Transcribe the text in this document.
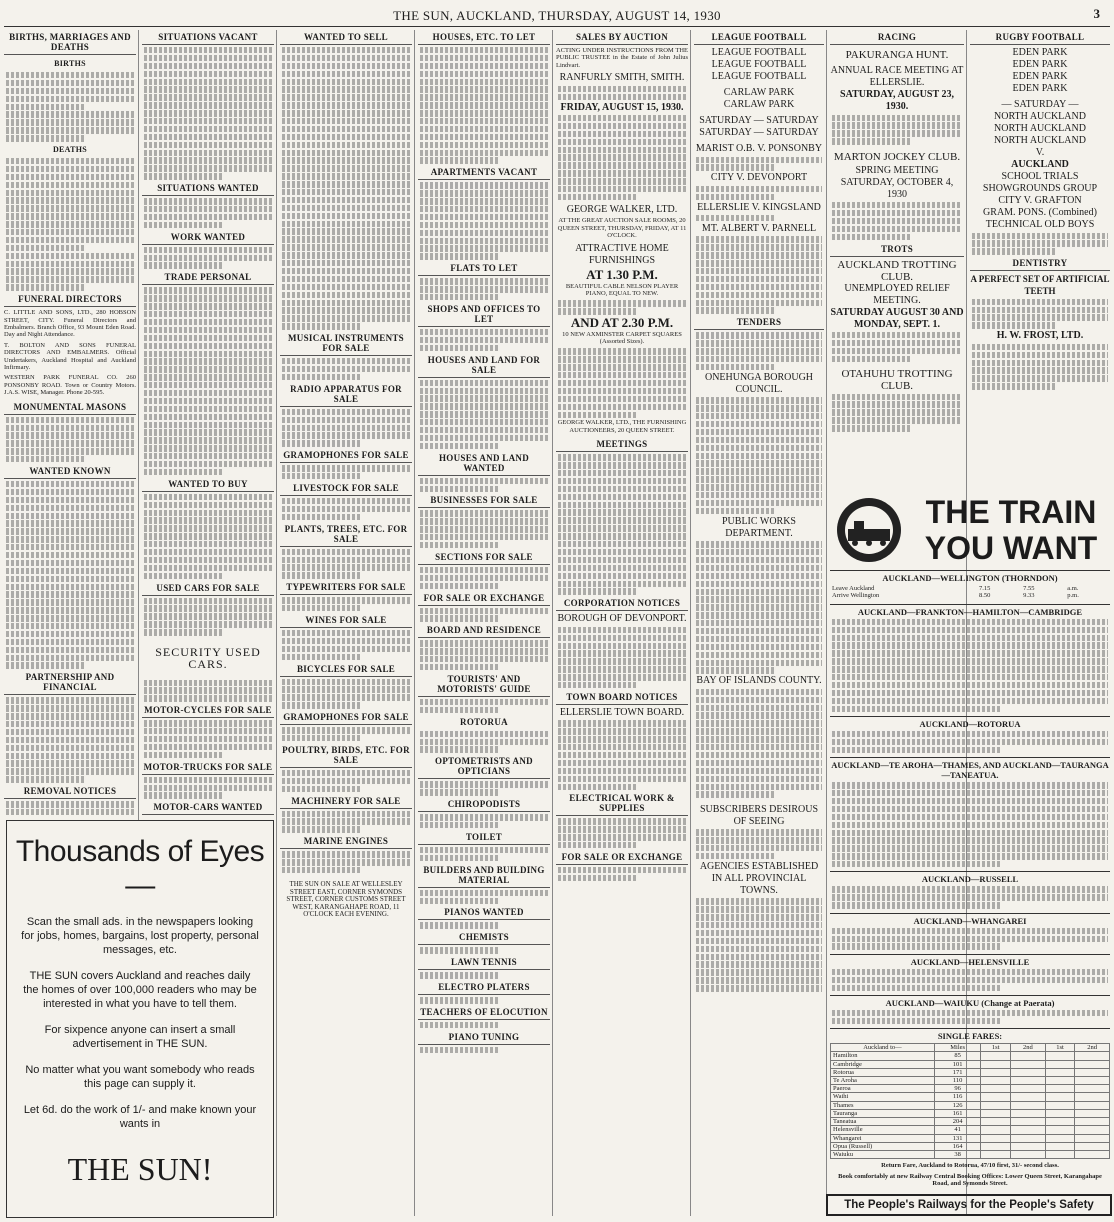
THE SUN, AUCKLAND, THURSDAY, AUGUST 14, 1930	3
BIRTHS, MARRIAGES AND DEATHS
BIRTHS
DEATHS
FUNERAL DIRECTORS
C. LITTLE AND SONS, LTD., 280 HOBSON STREET, CITY. Funeral Directors and Embalmers. Branch Office, 93 Mount Eden Road. Day and Night Attendance.
T. BOLTON AND SONS FUNERAL DIRECTORS AND EMBALMERS. Official Undertakers, Auckland Hospital and Auckland Infirmary.
WESTERN PARK FUNERAL CO. 260 PONSONBY ROAD. Town or Country Motors. J.A.S. WISE, Manager. Phone 20-595.
MONUMENTAL MASONS
WANTED KNOWN
PARTNERSHIP AND FINANCIAL
REMOVAL NOTICES
Thousands of Eyes—

Scan the small ads. in the newspapers looking for jobs, homes, bargains, lost property, personal messages, etc.

THE SUN covers Auckland and reaches daily the homes of over 100,000 readers who may be interested in what you have to tell them.

For sixpence anyone can insert a small advertisement in THE SUN.

No matter what you want somebody who reads this page can supply it.

Let 6d. do the work of 1/- and make known your wants in

THE SUN!
SITUATIONS VACANT
SITUATIONS WANTED
WORK WANTED
TRADE PERSONAL
WANTED TO BUY
USED CARS FOR SALE
SECURITY USED CARS.
MOTOR-CYCLES FOR SALE
MOTOR-TRUCKS FOR SALE
MOTOR-CARS WANTED
WANTED TO SELL
MUSICAL INSTRUMENTS FOR SALE
RADIO APPARATUS FOR SALE
GRAMOPHONES FOR SALE
LIVESTOCK FOR SALE
PLANTS, TREES, ETC. FOR SALE
TYPEWRITERS FOR SALE
WINES FOR SALE
BICYCLES FOR SALE
GRAMOPHONES FOR SALE
POULTRY, BIRDS, ETC. FOR SALE
MACHINERY FOR SALE
MARINE ENGINES
THE SUN ON SALE AT WELLESLEY STREET EAST, CORNER SYMONDS STREET, CORNER CUSTOMS STREET WEST, KARANGAHAPE ROAD, 11 O'CLOCK EACH EVENING.
HOUSES, ETC. TO LET
APARTMENTS VACANT
FLATS TO LET
SHOPS AND OFFICES TO LET
HOUSES AND LAND FOR SALE
HOUSES AND LAND WANTED
BUSINESSES FOR SALE
SECTIONS FOR SALE
FOR SALE OR EXCHANGE
BOARD AND RESIDENCE
TOURISTS' AND MOTORISTS' GUIDE
ROTORUA
OPTOMETRISTS AND OPTICIANS
CHIROPODISTS
TOILET
BUILDERS AND BUILDING MATERIAL
PIANOS WANTED
CHEMISTS
LAWN TENNIS
ELECTRO PLATERS
TEACHERS OF ELOCUTION
PIANO TUNING
SALES BY AUCTION
ACTING UNDER INSTRUCTIONS FROM THE PUBLIC TRUSTEE in the Estate of John Julius Lindvart.
RANFURLY SMITH, SMITH.
FRIDAY, AUGUST 15, 1930.
GEORGE WALKER, LTD.
AT THE GREAT AUCTION SALE ROOMS, 20 QUEEN STREET, THURSDAY, FRIDAY, AT 11 O'CLOCK.
ATTRACTIVE HOME FURNISHINGS
AT 1.30 P.M.
BEAUTIFUL CABLE NELSON PLAYER PIANO, EQUAL TO NEW.
AND AT 2.30 P.M.
10 NEW AXMINSTER CARPET SQUARES (Assorted Sizes).
GEORGE WALKER, LTD., THE FURNISHING AUCTIONEERS, 20 QUEEN STREET.
MEETINGS
CORPORATION NOTICES
BOROUGH OF DEVONPORT.
TOWN BOARD NOTICES
ELLERSLIE TOWN BOARD.
ELECTRICAL WORK & SUPPLIES
FOR SALE OR EXCHANGE
LEAGUE FOOTBALL
LEAGUE FOOTBALL
LEAGUE FOOTBALL
LEAGUE FOOTBALL
CARLAW PARK
CARLAW PARK
SATURDAY — SATURDAY
SATURDAY — SATURDAY
MARIST O.B. V. PONSONBY
CITY V. DEVONPORT
ELLERSLIE V. KINGSLAND
MT. ALBERT V. PARNELL
TENDERS
ONEHUNGA BOROUGH COUNCIL.
PUBLIC WORKS DEPARTMENT.
BAY OF ISLANDS COUNTY.
SUBSCRIBERS DESIROUS OF SEEING
AGENCIES ESTABLISHED IN ALL PROVINCIAL TOWNS.
RACING
PAKURANGA HUNT.
ANNUAL RACE MEETING AT ELLERSLIE.
SATURDAY, AUGUST 23, 1930.
MARTON JOCKEY CLUB.
SPRING MEETING
SATURDAY, OCTOBER 4, 1930
TROTS
AUCKLAND TROTTING CLUB.
UNEMPLOYED RELIEF MEETING.
SATURDAY AUGUST 30 AND MONDAY, SEPT. 1.
OTAHUHU TROTTING CLUB.
RUGBY FOOTBALL
EDEN PARK
EDEN PARK
EDEN PARK
EDEN PARK
— SATURDAY —
NORTH AUCKLAND
NORTH AUCKLAND
NORTH AUCKLAND
V.
AUCKLAND
SCHOOL TRIALS
SHOWGROUNDS GROUP
CITY V. GRAFTON
GRAM. PONS. (Combined)
TECHNICAL OLD BOYS
DENTISTRY
A PERFECT SET OF ARTIFICIAL TEETH
H. W. FROST, LTD.
THE TRAIN
YOU WANT
AUCKLAND—WELLINGTON (THORNDON)
Leave Auckland	7.15	7.55	a.m.
Arrive Wellington	8.50	9.33	p.m.
AUCKLAND—FRANKTON—HAMILTON—CAMBRIDGE
AUCKLAND—ROTORUA
AUCKLAND—TE AROHA—THAMES, AND AUCKLAND—TAURANGA—TANEATUA.
AUCKLAND—RUSSELL
AUCKLAND—WHANGAREI
AUCKLAND—HELENSVILLE
AUCKLAND—WAIUKU (Change at Paerata)
SINGLE FARES:
Auckland to—	Miles	1st	2nd	1st	2nd
Hamilton	85				
Cambridge	101				
Rotorua	171				
Te Aroha	110				
Paeroa	96				
Waihi	116				
Thames	126				
Tauranga	161				
Taneatua	204				
Helensville	41				
Whangarei	131				
Opua (Russell)	164				
Waiuku	38				
Return Fare, Auckland to Rotorua, 47/10 first, 31/- second class.
Book comfortably at new Railway Central Booking Offices: Lower Queen Street, Karangahape Road, and Symonds Street.
The People's Railways for the People's Safety
